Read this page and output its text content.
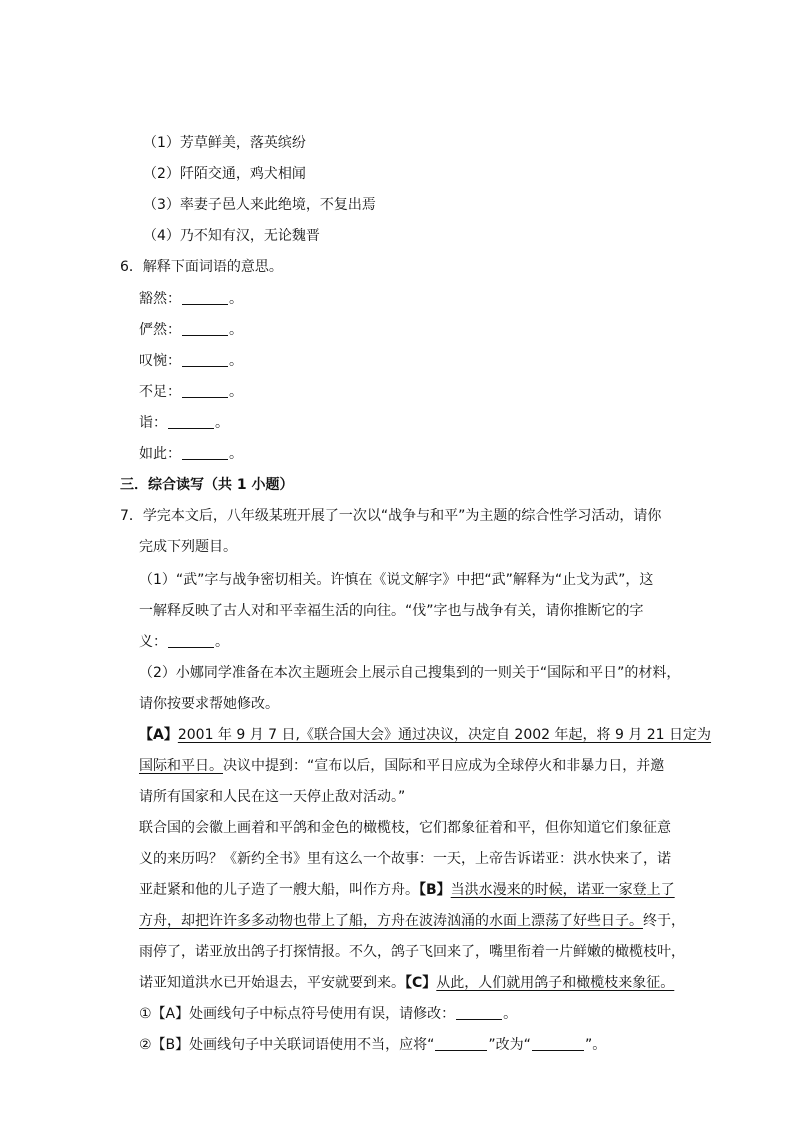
（1）芳草鲜美，落英缤纷
（2）阡陌交通，鸡犬相闻
（3）率妻子邑人来此绝境，不复出焉
（4）乃不知有汉，无论魏晋
6．解释下面词语的意思。
豁然：	。
俨然：	。
叹惋：	。
不足：	。
诣：	。
如此：	。
三．综合读写（共 1 小题）
7．学完本文后，八年级某班开展了一次以“战争与和平”为主题的综合性学习活动，请你
完成下列题目。
（1）“武”字与战争密切相关。许慎在《说文解字》中把“武”解释为“止戈为武”，这
一解释反映了古人对和平幸福生活的向往。“伐”字也与战争有关，请你推断它的字
义：	。
（2）小娜同学准备在本次主题班会上展示自己搜集到的一则关于“国际和平日”的材料，
请你按要求帮她修改。
【A】2001 年 9 月 7 日,《联合国大会》通过决议，决定自 2002 年起，将 9 月 21 日定为
国际和平日。决议中提到：“宣布以后，国际和平日应成为全球停火和非暴力日，并邀
请所有国家和人民在这一天停止敌对活动。”
联合国的会徽上画着和平鸽和金色的橄榄枝，它们都象征着和平，但你知道它们象征意
义的来历吗？《新约全书》里有这么一个故事：一天，上帝告诉诺亚：洪水快来了，诺
亚赶紧和他的儿子造了一艘大船，叫作方舟。【B】当洪水漫来的时候，诺亚一家登上了
方舟，却把许许多多动物也带上了船，方舟在波涛汹涌的水面上漂荡了好些日子。终于，
雨停了，诺亚放出鸽子打探情报。不久，鸽子飞回来了，嘴里衔着一片鲜嫩的橄榄枝叶，
诺亚知道洪水已开始退去，平安就要到来。【C】从此，人们就用鸽子和橄榄枝来象征。
①【A】处画线句子中标点符号使用有误，请修改：	。
②【B】处画线句子中关联词语使用不当，应将“	”改为“	”。
